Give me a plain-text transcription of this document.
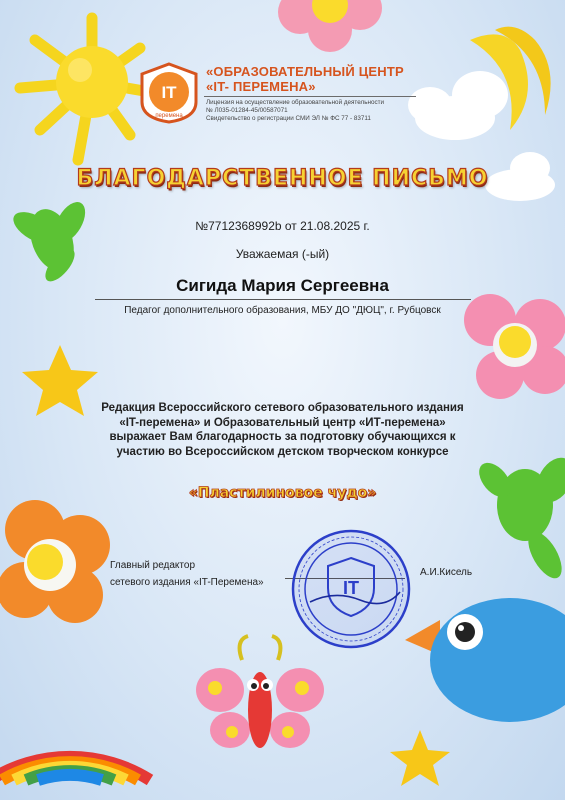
IT
перемена
«ОБРАЗОВАТЕЛЬНЫЙ ЦЕНТР
«IT- ПЕРЕМЕНА»
Лицензия на осуществление образовательной деятельности
№ Л035-01284-45/00587071
Свидетельство о регистрации СМИ ЭЛ № ФС 77 - 83711
БЛАГОДАРСТВЕННОЕ ПИСЬМО
№7712368992b от 21.08.2025 г.
Уважаемая (-ый)
Сигида Мария Сергеевна
Педагог дополнительного образования, МБУ ДО "ДЮЦ", г. Рубцовск
Редакция Всероссийского сетевого образовательного издания
«IT-перемена» и Образовательный центр «ИТ-перемена»
выражает Вам благодарность за подготовку обучающихся к
участию во Всероссийском детском творческом конкурсе
«Пластилиновое чудо»
Главный редактор
сетевого издания «IT-Перемена»
А.И.Кисель
IT
